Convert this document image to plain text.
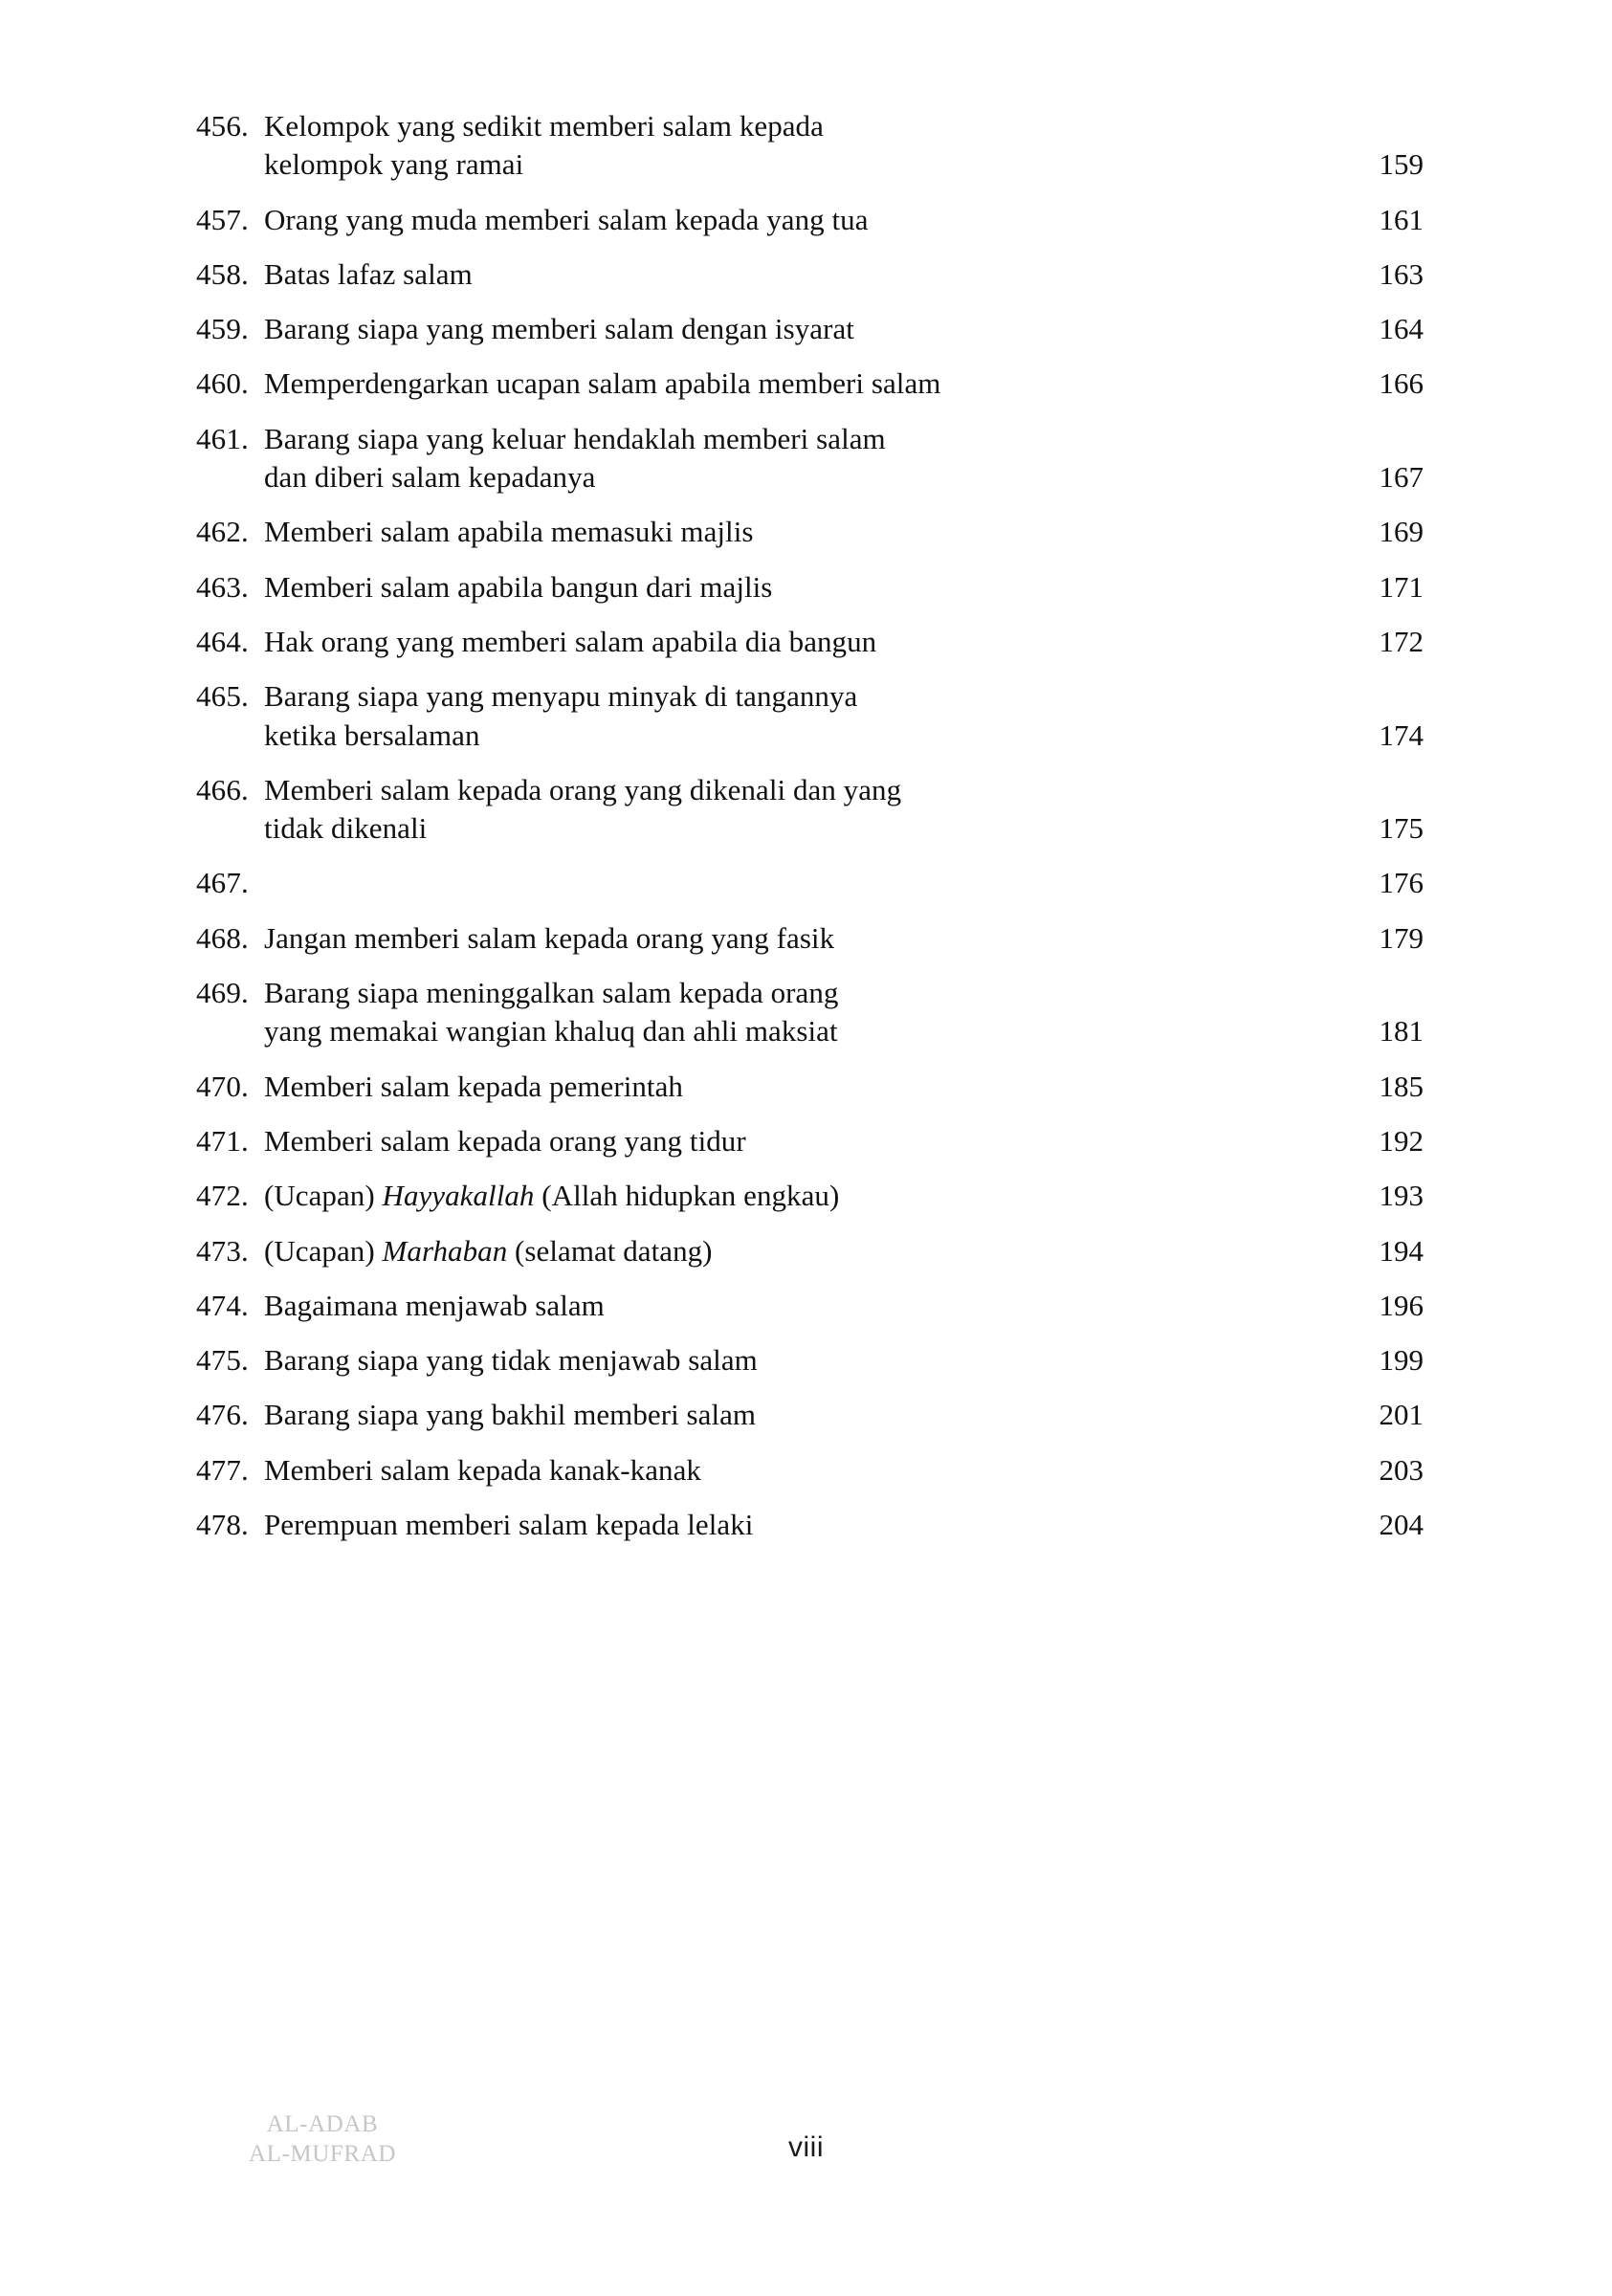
456. Kelompok yang sedikit memberi salam kepada
kelompok yang ramai	159
457. Orang yang muda memberi salam kepada yang tua	161
458. Batas lafaz salam	163
459. Barang siapa yang memberi salam dengan isyarat	164
460. Memperdengarkan ucapan salam apabila memberi salam	166
461. Barang siapa yang keluar hendaklah memberi salam
dan diberi salam kepadanya	167
462. Memberi salam apabila memasuki majlis	169
463. Memberi salam apabila bangun dari majlis	171
464. Hak orang yang memberi salam apabila dia bangun	172
465. Barang siapa yang menyapu minyak di tangannya
ketika bersalaman	174
466. Memberi salam kepada orang yang dikenali dan yang
tidak dikenali	175
467.	176
468. Jangan memberi salam kepada orang yang fasik	179
469. Barang siapa meninggalkan salam kepada orang
yang memakai wangian khaluq dan ahli maksiat	181
470. Memberi salam kepada pemerintah	185
471. Memberi salam kepada orang yang tidur	192
472. (Ucapan) Hayyakallah (Allah hidupkan engkau)	193
473. (Ucapan) Marhaban (selamat datang)	194
474. Bagaimana menjawab salam	196
475. Barang siapa yang tidak menjawab salam	199
476. Barang siapa yang bakhil memberi salam	201
477. Memberi salam kepada kanak-kanak	203
478. Perempuan memberi salam kepada lelaki	204
AL-ADAB
AL-MUFRAD	viii
